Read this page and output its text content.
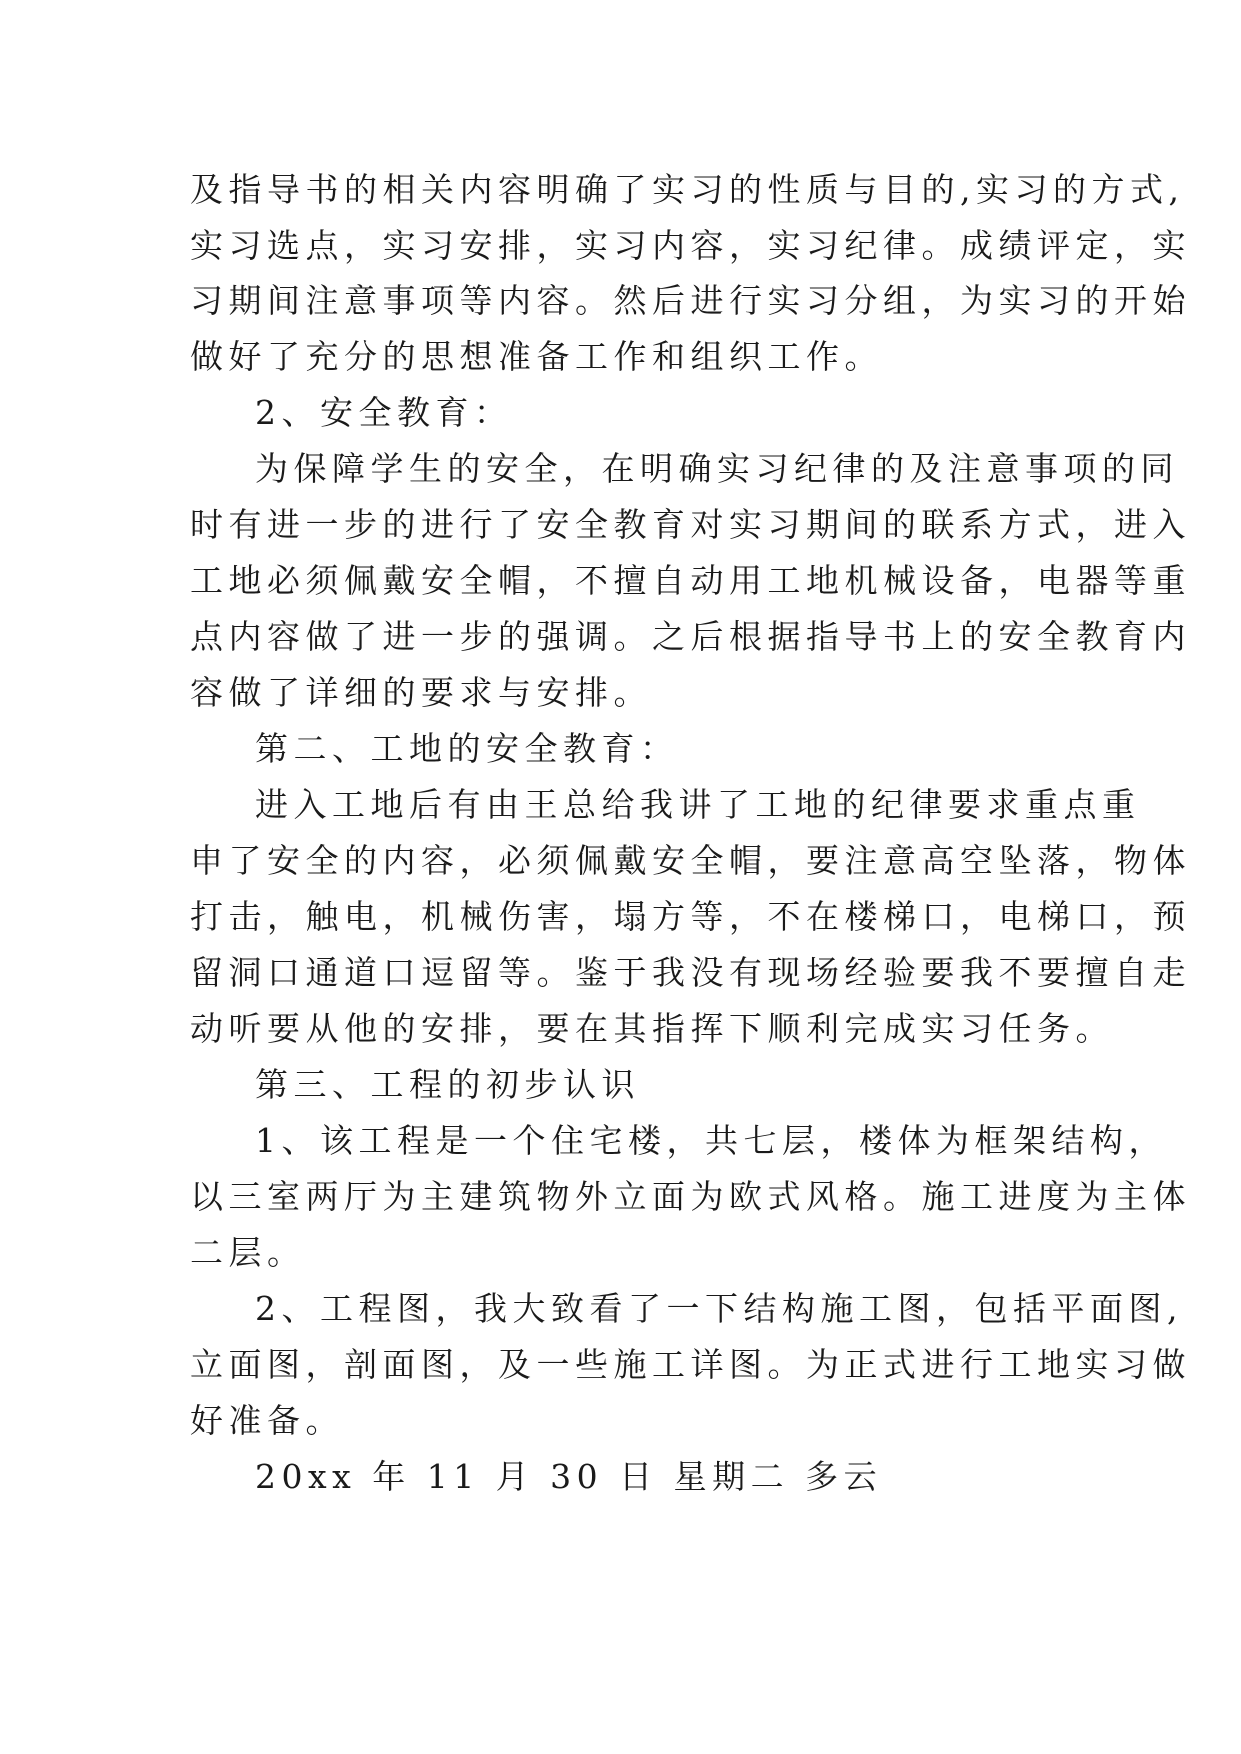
及指导书的相关内容明确了实习的性质与目的,实习的方式,
实习选点，实习安排，实习内容，实习纪律。成绩评定，实
习期间注意事项等内容。然后进行实习分组，为实习的开始
做好了充分的思想准备工作和组织工作。
2、安全教育：
为保障学生的安全，在明确实习纪律的及注意事项的同
时有进一步的进行了安全教育对实习期间的联系方式，进入
工地必须佩戴安全帽，不擅自动用工地机械设备，电器等重
点内容做了进一步的强调。之后根据指导书上的安全教育内
容做了详细的要求与安排。
第二、工地的安全教育：
进入工地后有由王总给我讲了工地的纪律要求重点重
申了安全的内容，必须佩戴安全帽，要注意高空坠落，物体
打击，触电，机械伤害，塌方等，不在楼梯口，电梯口，预
留洞口通道口逗留等。鉴于我没有现场经验要我不要擅自走
动听要从他的安排，要在其指挥下顺利完成实习任务。
第三、工程的初步认识
1、该工程是一个住宅楼，共七层，楼体为框架结构，
以三室两厅为主建筑物外立面为欧式风格。施工进度为主体
二层。
2、工程图，我大致看了一下结构施工图，包括平面图,
立面图，剖面图，及一些施工详图。为正式进行工地实习做
好准备。
20xx 年 11 月 30 日 星期二 多云
